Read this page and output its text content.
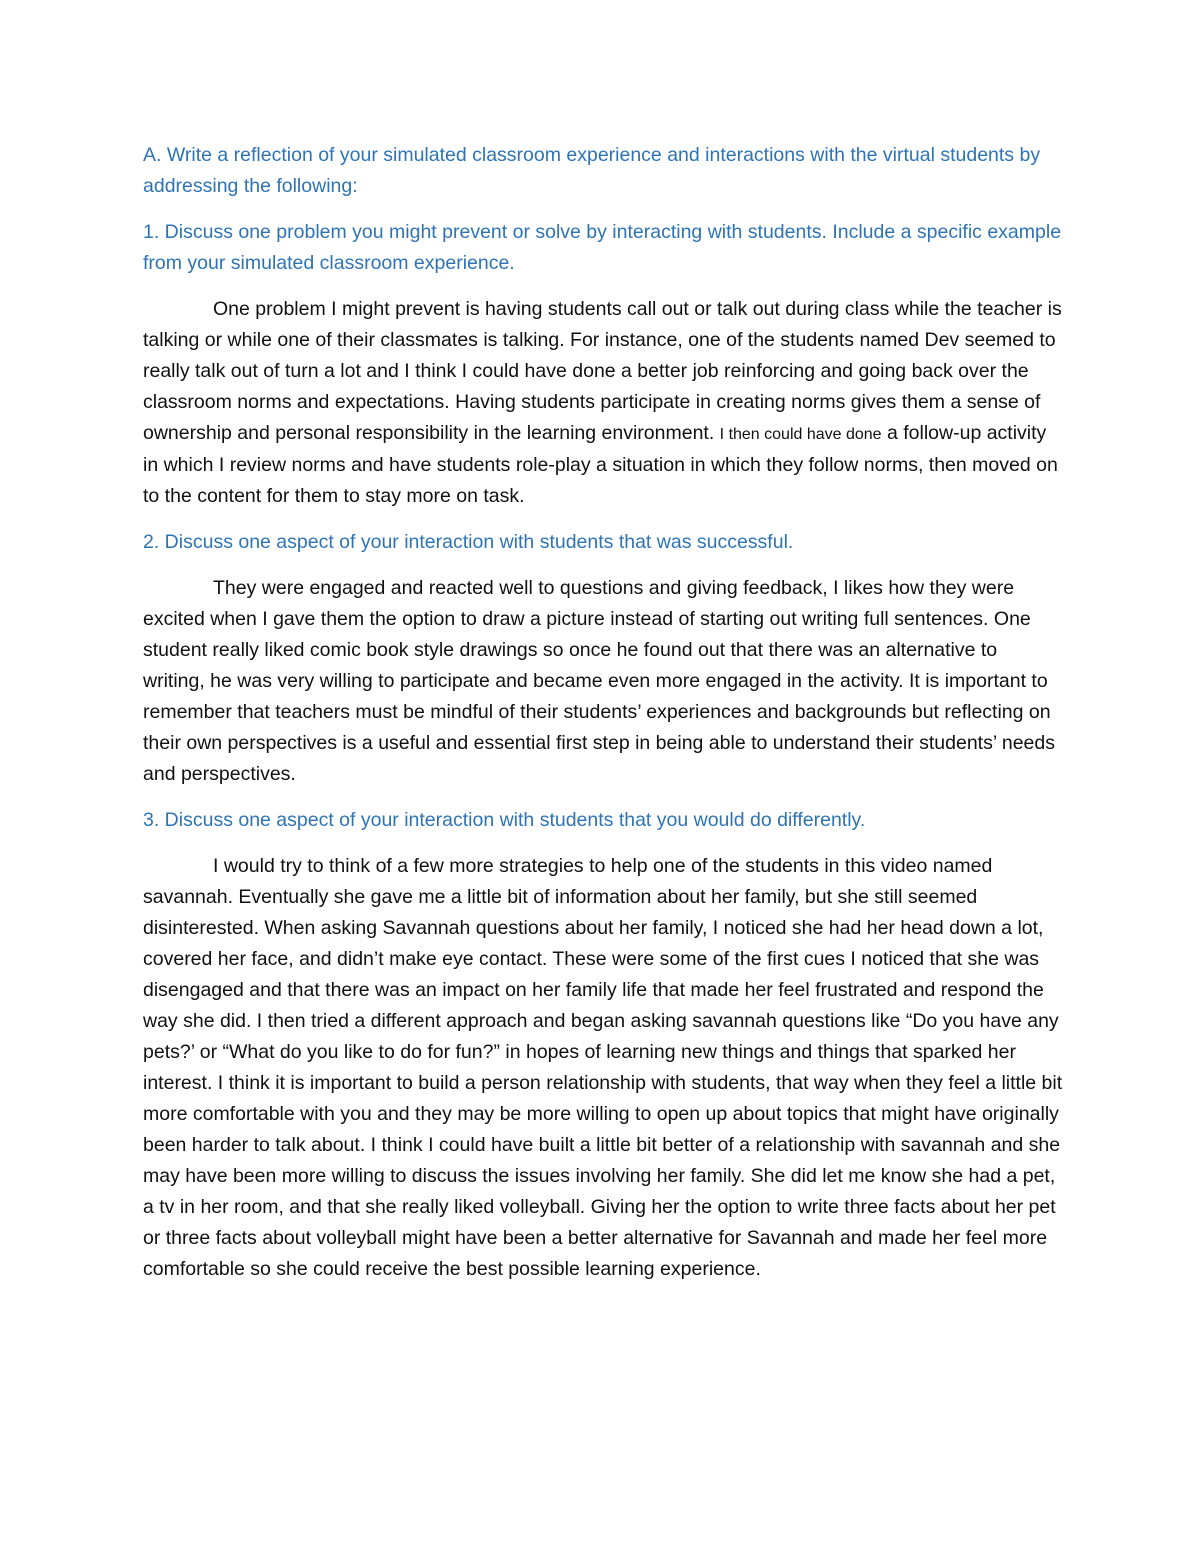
A. Write a reflection of your simulated classroom experience and interactions with the virtual students by addressing the following:

1. Discuss one problem you might prevent or solve by interacting with students. Include a specific example from your simulated classroom experience.

One problem I might prevent is having students call out or talk out during class while the teacher is talking or while one of their classmates is talking. For instance, one of the students named Dev seemed to really talk out of turn a lot and I think I could have done a better job reinforcing and going back over the classroom norms and expectations. Having students participate in creating norms gives them a sense of ownership and personal responsibility in the learning environment. I then could have done a follow-up activity in which I review norms and have students role-play a situation in which they follow norms, then moved on to the content for them to stay more on task.

2. Discuss one aspect of your interaction with students that was successful.

They were engaged and reacted well to questions and giving feedback, I likes how they were excited when I gave them the option to draw a picture instead of starting out writing full sentences. One student really liked comic book style drawings so once he found out that there was an alternative to writing, he was very willing to participate and became even more engaged in the activity. It is important to remember that teachers must be mindful of their students’ experiences and backgrounds but reflecting on their own perspectives is a useful and essential first step in being able to understand their students’ needs and perspectives.

3. Discuss one aspect of your interaction with students that you would do differently.

I would try to think of a few more strategies to help one of the students in this video named savannah. Eventually she gave me a little bit of information about her family, but she still seemed disinterested. When asking Savannah questions about her family, I noticed she had her head down a lot, covered her face, and didn’t make eye contact. These were some of the first cues I noticed that she was disengaged and that there was an impact on her family life that made her feel frustrated and respond the way she did. I then tried a different approach and began asking savannah questions like “Do you have any pets?’ or “What do you like to do for fun?” in hopes of learning new things and things that sparked her interest. I think it is important to build a person relationship with students, that way when they feel a little bit more comfortable with you and they may be more willing to open up about topics that might have originally been harder to talk about. I think I could have built a little bit better of a relationship with savannah and she may have been more willing to discuss the issues involving her family. She did let me know she had a pet, a tv in her room, and that she really liked volleyball. Giving her the option to write three facts about her pet or three facts about volleyball might have been a better alternative for Savannah and made her feel more comfortable so she could receive the best possible learning experience.
